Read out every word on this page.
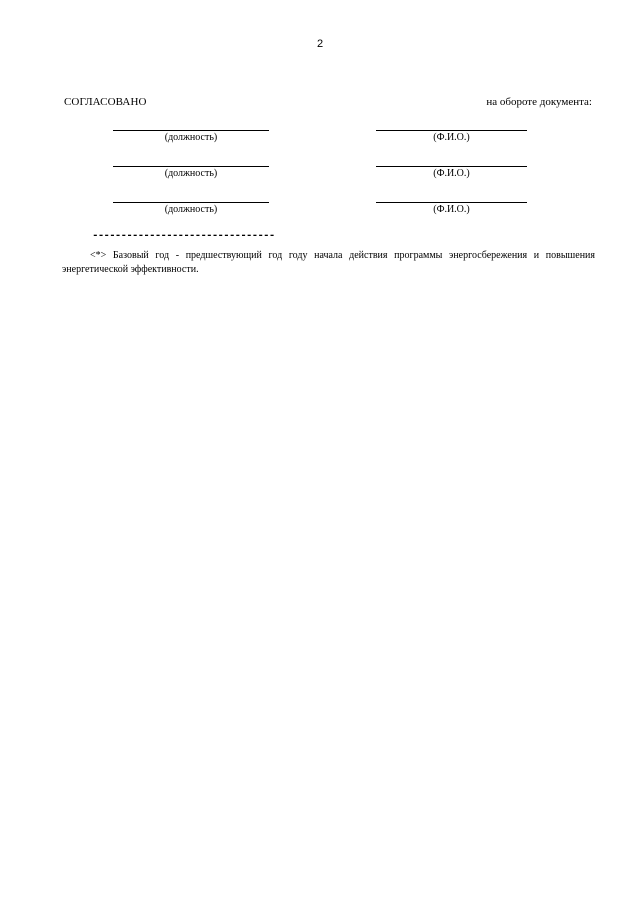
2
СОГЛАСОВАНО	на обороте документа:
(должность)	(Ф.И.О.)
(должность)	(Ф.И.О.)
(должность)	(Ф.И.О.)
--------------------------------
<*> Базовый год - предшествующий год году начала действия программы энергосбережения и повышения энергетической эффективности.
